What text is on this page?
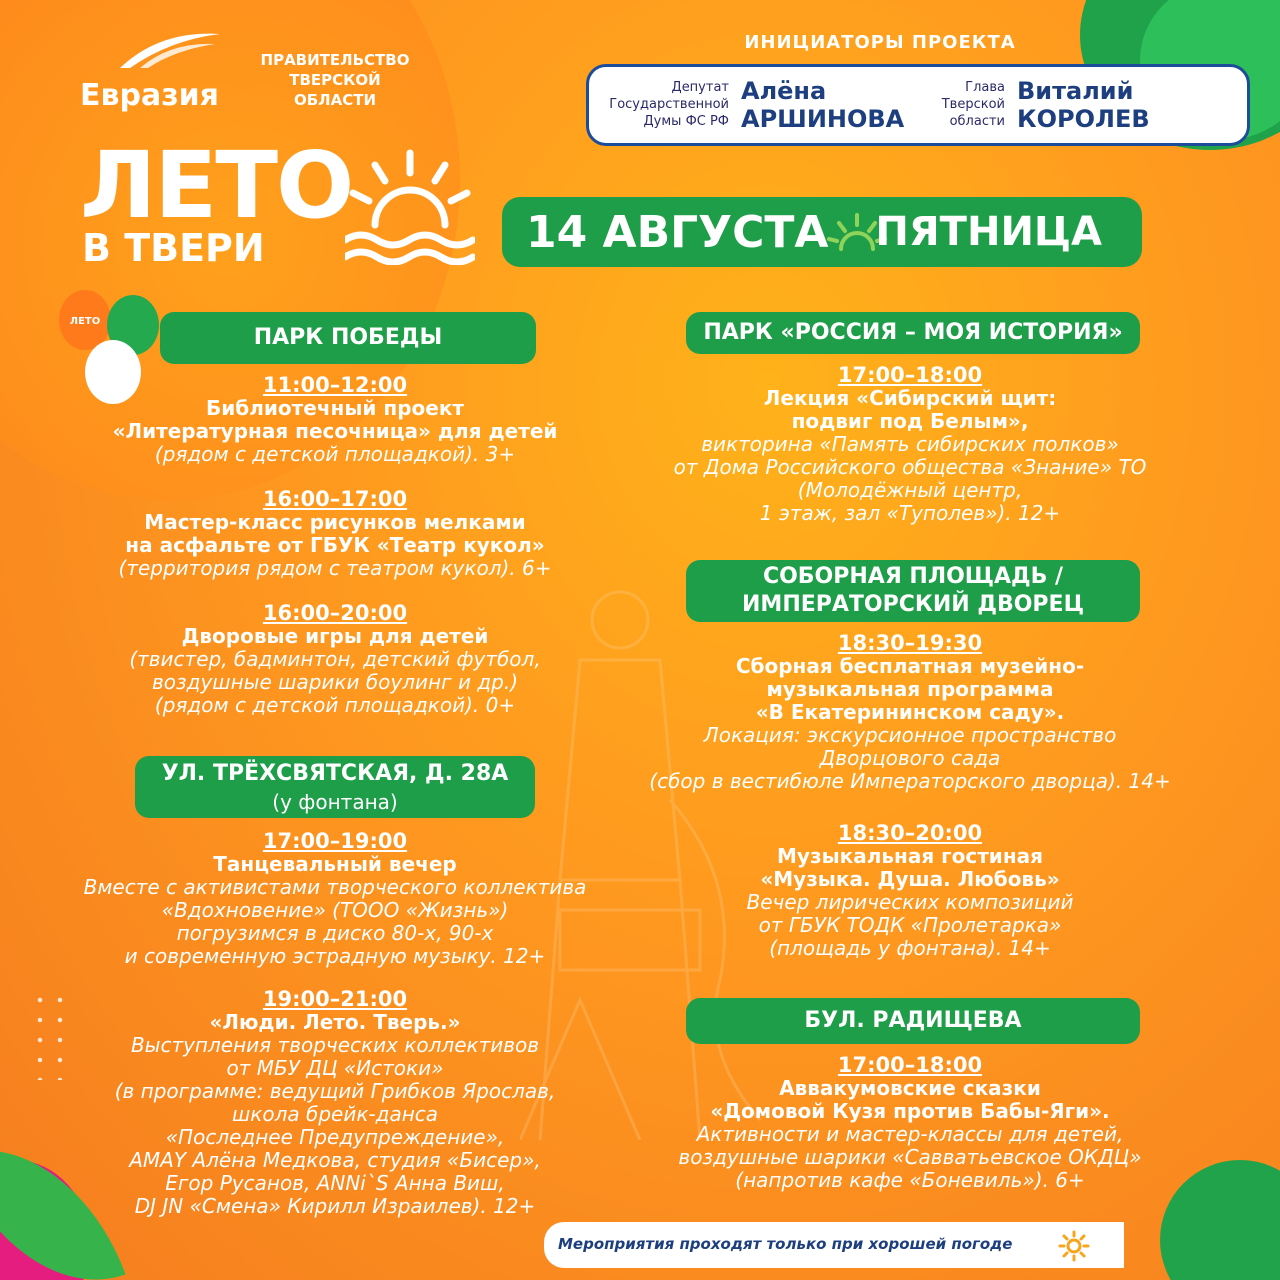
Евразия
ПРАВИТЕЛЬСТВО ТВЕРСКОЙ ОБЛАСТИ
ИНИЦИАТОРЫ ПРОЕКТА
Депутат Государственной Думы ФС РФ
Алёна
АРШИНОВА
Глава Тверской области
Виталий
КОРОЛЕВ
ЛЕТО
В ТВЕРИ	14 АВГУСТА ПЯТНИЦА
ЛЕТО
ПАРК ПОБЕДЫ
11:00–12:00
Библиотечный проект
«Литературная песочница» для детей
(рядом с детской площадкой). 3+
16:00–17:00
Мастер-класс рисунков мелками
на асфальте от ГБУК «Театр кукол»
(территория рядом с театром кукол). 6+
16:00–20:00
Дворовые игры для детей
(твистер, бадминтон, детский футбол,
воздушные шарики боулинг и др.)
(рядом с детской площадкой). 0+
УЛ. ТРЁХСВЯТСКАЯ, Д. 28А
(у фонтана)
17:00–19:00
Танцевальный вечер
Вместе с активистами творческого коллектива
«Вдохновение» (ТООО «Жизнь»)
погрузимся в диско 80-х, 90-х
и современную эстрадную музыку. 12+
19:00–21:00
«Люди. Лето. Тверь.»
Выступления творческих коллективов
от МБУ ДЦ «Истоки»
(в программе: ведущий Грибков Ярослав,
школа брейк-данса
«Последнее Предупреждение»,
AMAY Алёна Медкова, студия «Бисер»,
Егор Русанов, ANNi`S Анна Виш,
DJ JN «Смена» Кирилл Израилев). 12+
ПАРК «РОССИЯ – МОЯ ИСТОРИЯ»
17:00–18:00
Лекция «Сибирский щит:
подвиг под Белым»,
викторина «Память сибирских полков»
от Дома Российского общества «Знание» ТО
(Молодёжный центр,
1 этаж, зал «Туполев»). 12+
СОБОРНАЯ ПЛОЩАДЬ /
ИМПЕРАТОРСКИЙ ДВОРЕЦ
18:30–19:30
Сборная бесплатная музейно-
музыкальная программа
«В Екатерининском саду».
Локация: экскурсионное пространство
Дворцового сада
(сбор в вестибюле Императорского дворца). 14+
18:30–20:00
Музыкальная гостиная
«Музыка. Душа. Любовь»
Вечер лирических композиций
от ГБУК ТОДК «Пролетарка»
(площадь у фонтана). 14+
БУЛ. РАДИЩЕВА
17:00–18:00
Аввакумовские сказки
«Домовой Кузя против Бабы-Яги».
Активности и мастер-классы для детей,
воздушные шарики «Савватьевское ОКДЦ»
(напротив кафе «Боневиль»). 6+
Мероприятия проходят только при хорошей погоде
